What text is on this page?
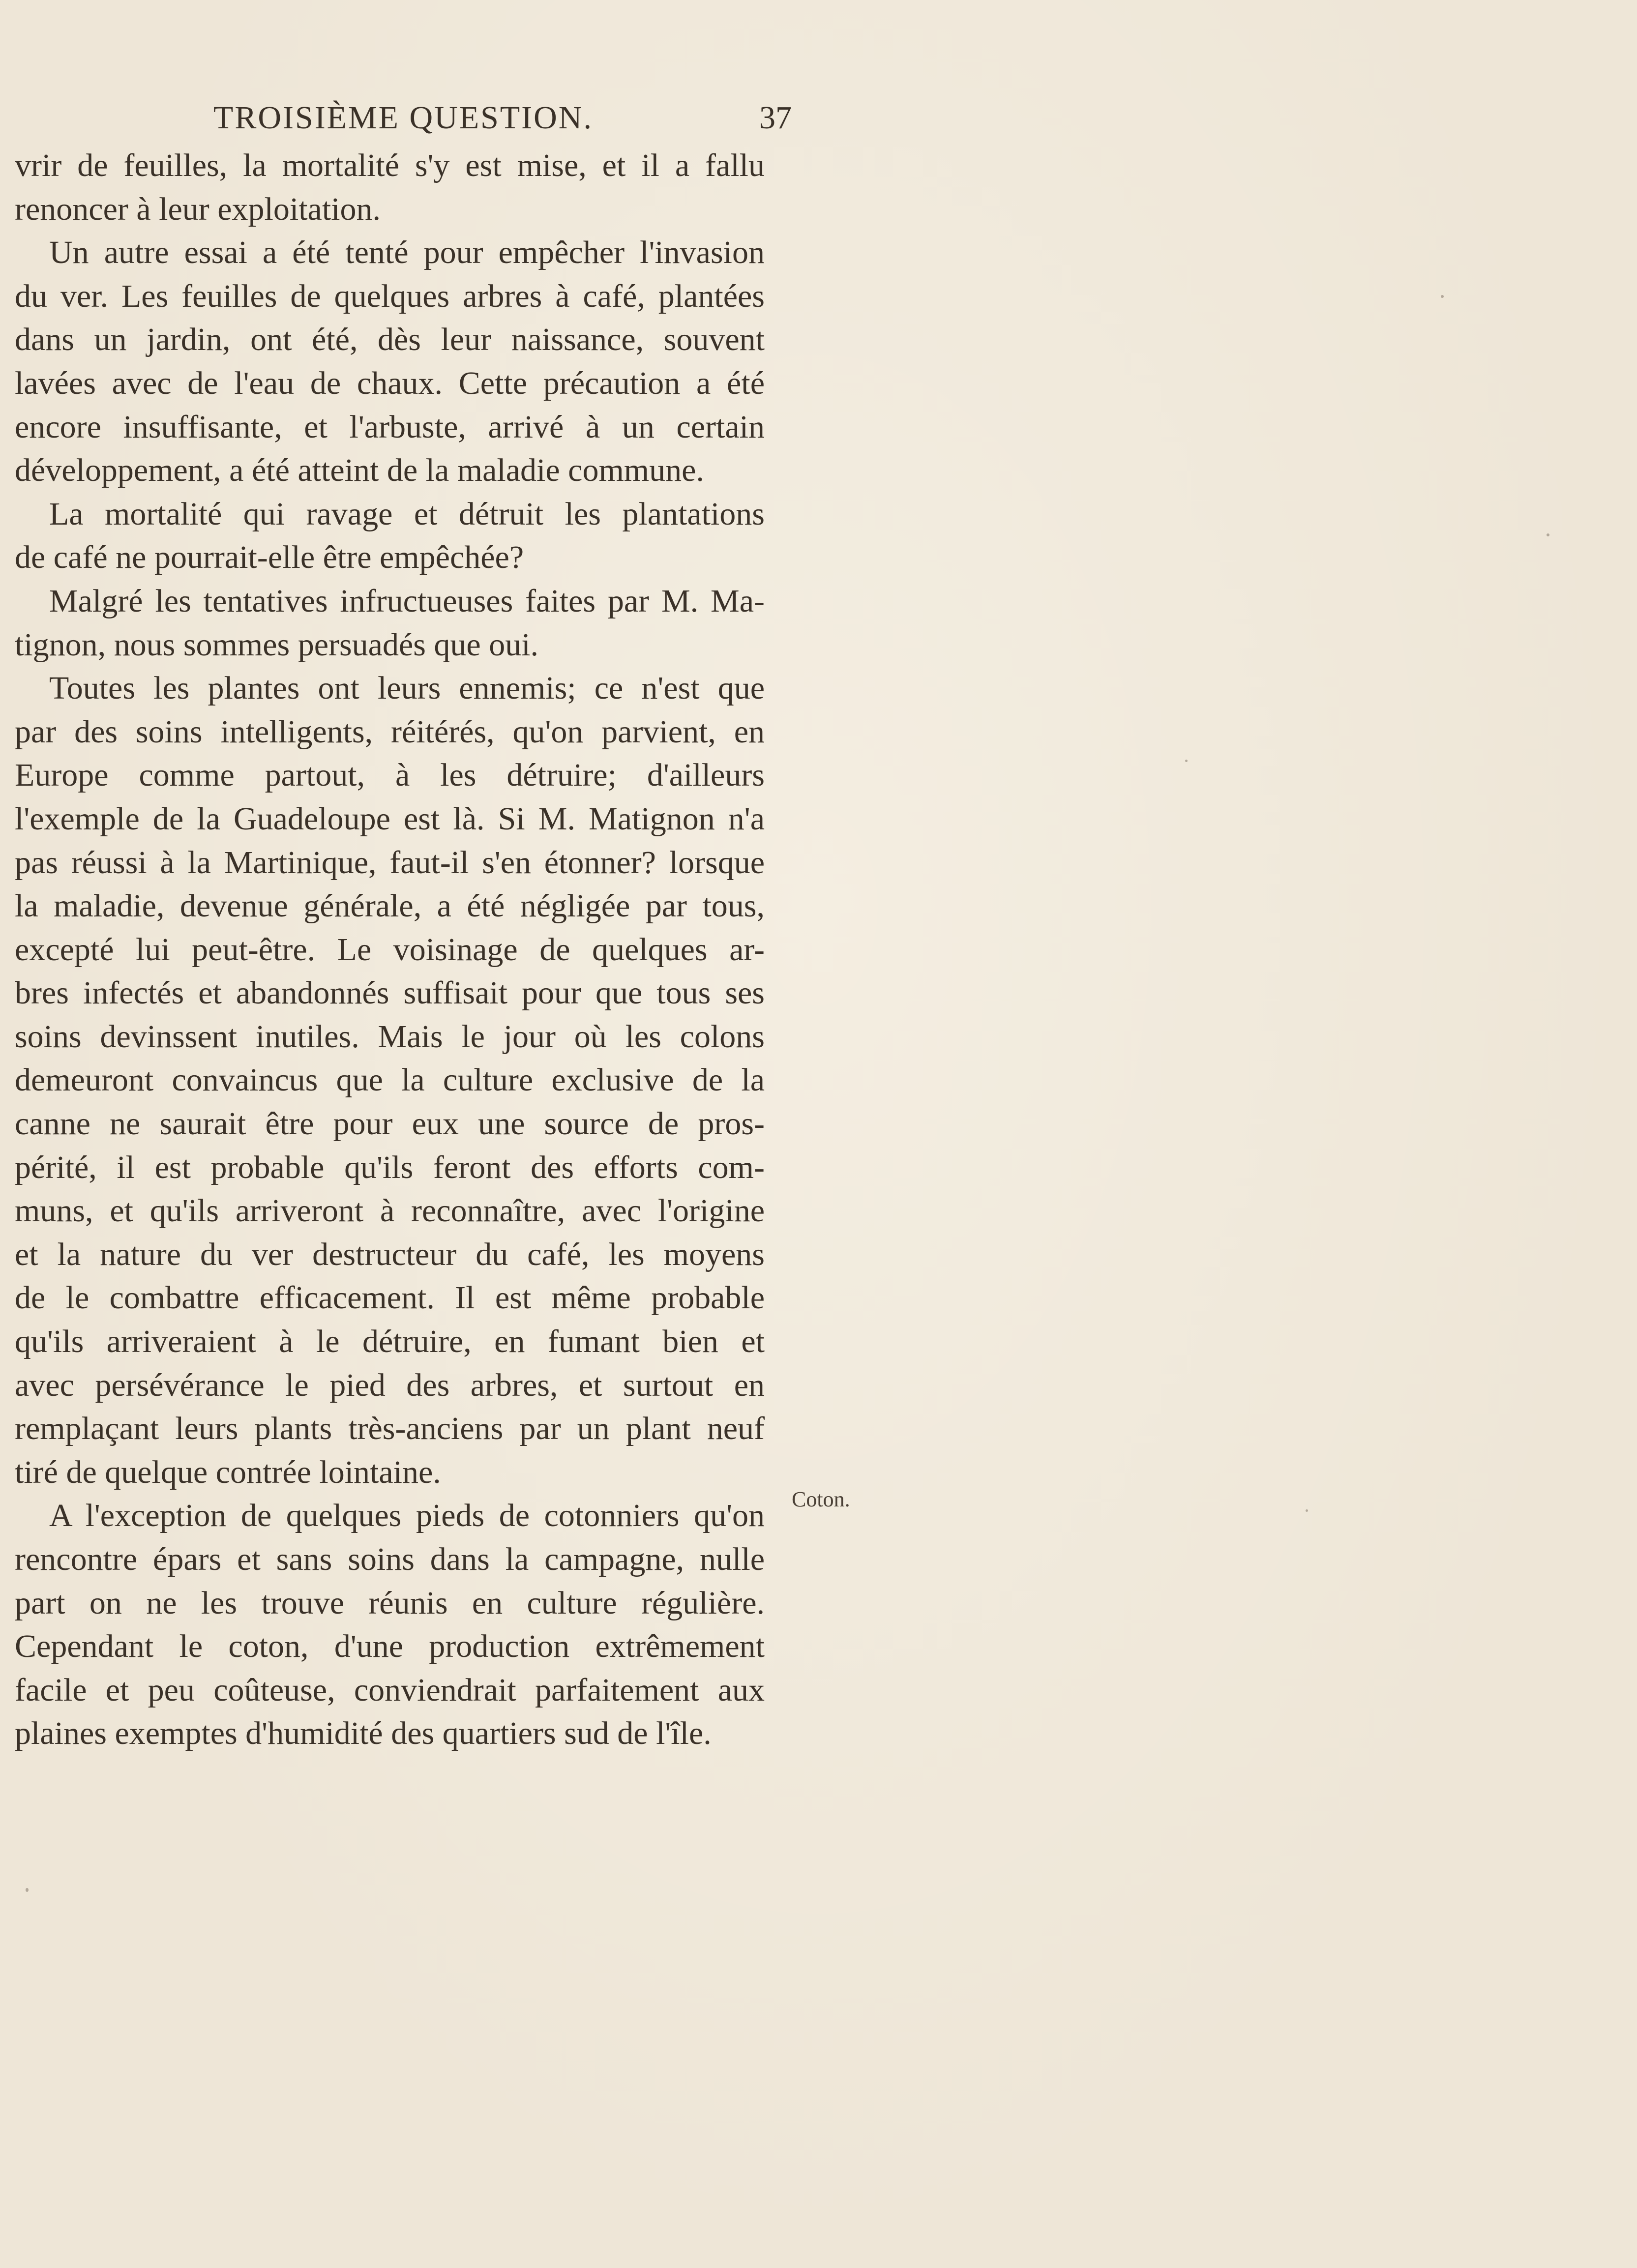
TROISIÈME QUESTION.	37
vrir de feuilles, la mortalité s'y est mise, et il a fallu
renoncer à leur exploitation.
Un autre essai a été tenté pour empêcher l'invasion
du ver. Les feuilles de quelques arbres à café, plantées
dans un jardin, ont été, dès leur naissance, souvent
lavées avec de l'eau de chaux. Cette précaution a été
encore insuffisante, et l'arbuste, arrivé à un certain
développement, a été atteint de la maladie commune.
La mortalité qui ravage et détruit les plantations
de café ne pourrait-elle être empêchée?
Malgré les tentatives infructueuses faites par M. Ma-
tignon, nous sommes persuadés que oui.
Toutes les plantes ont leurs ennemis; ce n'est que
par des soins intelligents, réitérés, qu'on parvient, en
Europe comme partout, à les détruire; d'ailleurs
l'exemple de la Guadeloupe est là. Si M. Matignon n'a
pas réussi à la Martinique, faut-il s'en étonner? lorsque
la maladie, devenue générale, a été négligée par tous,
excepté lui peut-être. Le voisinage de quelques ar-
bres infectés et abandonnés suffisait pour que tous ses
soins devinssent inutiles. Mais le jour où les colons
demeuront convaincus que la culture exclusive de la
canne ne saurait être pour eux une source de pros-
périté, il est probable qu'ils feront des efforts com-
muns, et qu'ils arriveront à reconnaître, avec l'origine
et la nature du ver destructeur du café, les moyens
de le combattre efficacement. Il est même probable
qu'ils arriveraient à le détruire, en fumant bien et
avec persévérance le pied des arbres, et surtout en
remplaçant leurs plants très-anciens par un plant neuf
tiré de quelque contrée lointaine.
A l'exception de quelques pieds de cotonniers qu'on
rencontre épars et sans soins dans la campagne, nulle
part on ne les trouve réunis en culture régulière.
Cependant le coton, d'une production extrêmement
facile et peu coûteuse, conviendrait parfaitement aux
plaines exemptes d'humidité des quartiers sud de l'île.
Coton.
